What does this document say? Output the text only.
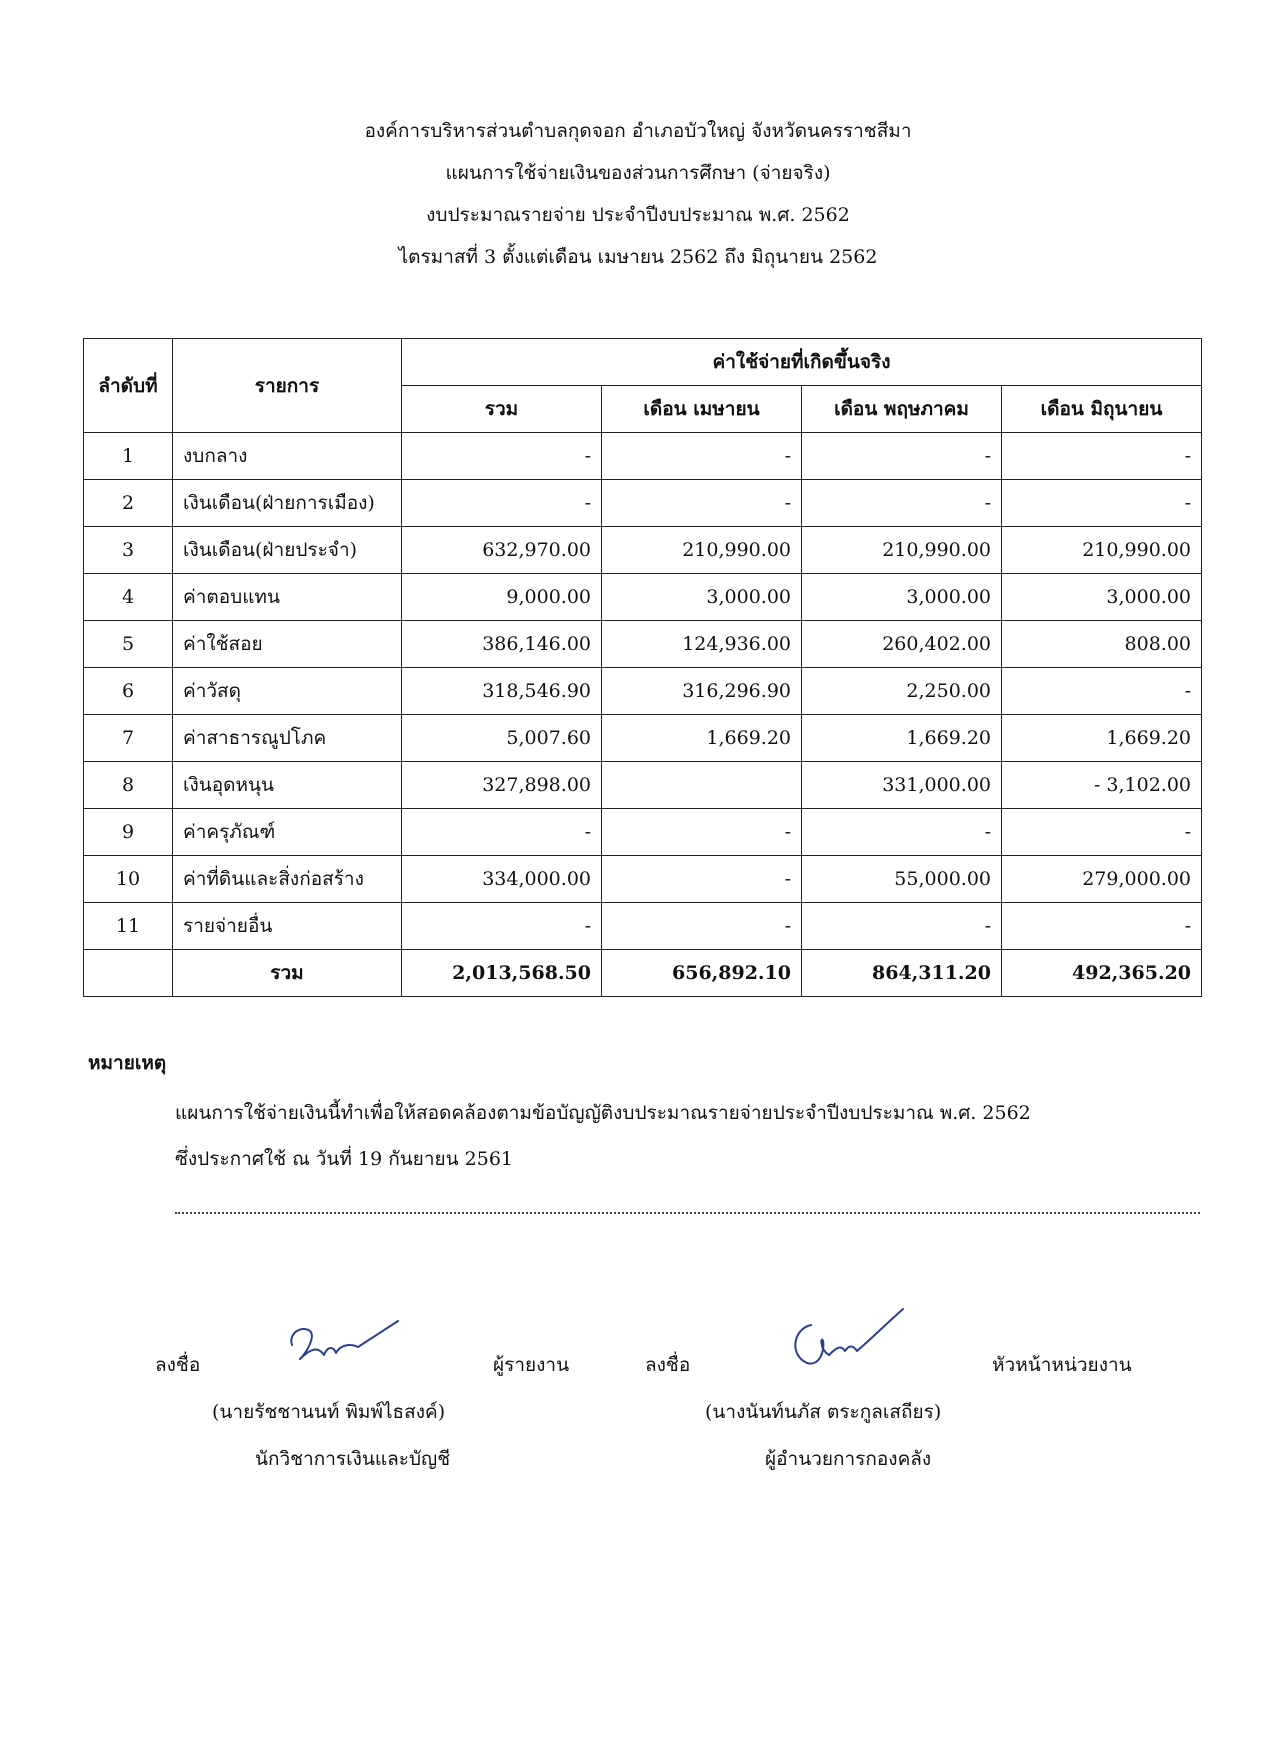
องค์การบริหารส่วนตำบลกุดจอก อำเภอบัวใหญ่ จังหวัดนครราชสีมา
แผนการใช้จ่ายเงินของส่วนการศึกษา (จ่ายจริง)
งบประมาณรายจ่าย ประจำปีงบประมาณ พ.ศ. 2562
ไตรมาสที่ 3 ตั้งแต่เดือน เมษายน 2562 ถึง มิถุนายน 2562
ลำดับที่	รายการ	ค่าใช้จ่ายที่เกิดขึ้นจริง			
		รวม	เดือน เมษายน	เดือน พฤษภาคม	เดือน มิถุนายน
1	งบกลาง	-	-	-	-
2	เงินเดือน(ฝ่ายการเมือง)	-	-	-	-
3	เงินเดือน(ฝ่ายประจำ)	632,970.00	210,990.00	210,990.00	210,990.00
4	ค่าตอบแทน	9,000.00	3,000.00	3,000.00	3,000.00
5	ค่าใช้สอย	386,146.00	124,936.00	260,402.00	808.00
6	ค่าวัสดุ	318,546.90	316,296.90	2,250.00	-
7	ค่าสาธารณูปโภค	5,007.60	1,669.20	1,669.20	1,669.20
8	เงินอุดหนุน	327,898.00		331,000.00	- 3,102.00
9	ค่าครุภัณฑ์	-	-	-	-
10	ค่าที่ดินและสิ่งก่อสร้าง	334,000.00	-	55,000.00	279,000.00
11	รายจ่ายอื่น	-	-	-	-
	รวม	2,013,568.50	656,892.10	864,311.20	492,365.20
หมายเหตุ
แผนการใช้จ่ายเงินนี้ทำเพื่อให้สอดคล้องตามข้อบัญญัติงบประมาณรายจ่ายประจำปีงบประมาณ พ.ศ. 2562
ซึ่งประกาศใช้ ณ วันที่ 19 กันยายน 2561
ลงชื่อ	ผู้รายงาน
(นายรัชชานนท์ พิมพ์ไธสงค์)
นักวิชาการเงินและบัญชี
ลงชื่อ	หัวหน้าหน่วยงาน
(นางนันท์นภัส ตระกูลเสถียร)
ผู้อำนวยการกองคลัง
